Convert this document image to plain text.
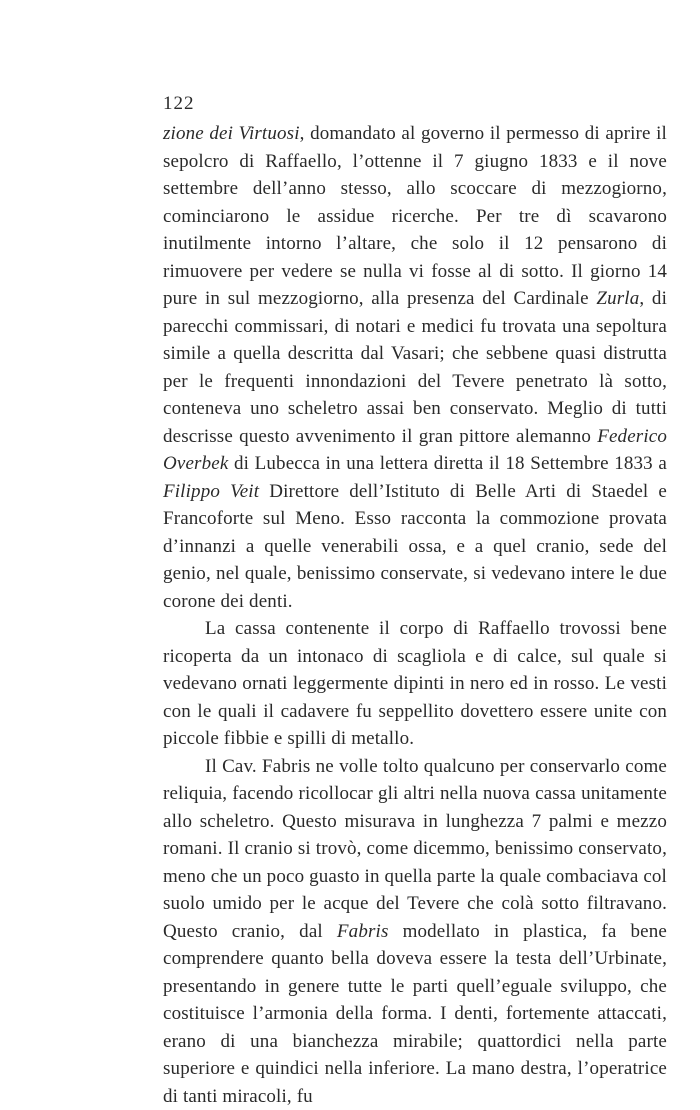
122

zione dei Virtuosi, domandato al governo il permesso di aprire il sepolcro di Raffaello, l’ottenne il 7 giugno 1833 e il nove settembre dell’anno stesso, allo scoccare di mezzogiorno, cominciarono le assidue ricerche. Per tre dì scavarono inutilmente intorno l’altare, che solo il 12 pensarono di rimuovere per vedere se nulla vi fosse al di sotto. Il giorno 14 pure in sul mezzogiorno, alla presenza del Cardinale Zurla, di parecchi commissari, di notari e medici fu trovata una sepoltura simile a quella descritta dal Vasari; che sebbene quasi distrutta per le frequenti innondazioni del Tevere penetrato là sotto, conteneva uno scheletro assai ben conservato. Meglio di tutti descrisse questo avvenimento il gran pittore alemanno Federico Overbek di Lubecca in una lettera diretta il 18 Settembre 1833 a Filippo Veit Direttore dell’Istituto di Belle Arti di Staedel e Francoforte sul Meno. Esso racconta la commozione provata d’innanzi a quelle venerabili ossa, e a quel cranio, sede del genio, nel quale, benissimo conservate, si vedevano intere le due corone dei denti.

La cassa contenente il corpo di Raffaello trovossi bene ricoperta da un intonaco di scagliola e di calce, sul quale si vedevano ornati leggermente dipinti in nero ed in rosso. Le vesti con le quali il cadavere fu seppellito dovettero essere unite con piccole fibbie e spilli di metallo.

Il Cav. Fabris ne volle tolto qualcuno per conservarlo come reliquia, facendo ricollocar gli altri nella nuova cassa unitamente allo scheletro. Questo misurava in lunghezza 7 palmi e mezzo romani. Il cranio si trovò, come dicemmo, benissimo conservato, meno che un poco guasto in quella parte la quale combaciava col suolo umido per le acque del Tevere che colà sotto filtravano. Questo cranio, dal Fabris modellato in plastica, fa bene comprendere quanto bella doveva essere la testa dell’Urbinate, presentando in genere tutte le parti quell’eguale sviluppo, che costituisce l’armonia della forma. I denti, fortemente attaccati, erano di una bianchezza mirabile; quattordici nella parte superiore e quindici nella inferiore. La mano destra, l’operatrice di tanti miracoli, fu
